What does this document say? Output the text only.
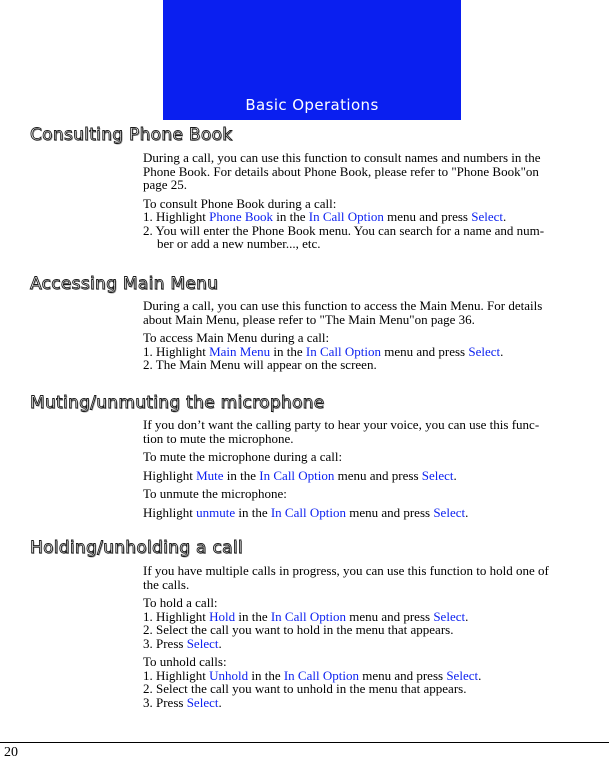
Basic Operations
Consulting Phone Book
During a call, you can use this function to consult names and numbers in the
Phone Book. For details about Phone Book, please refer to "Phone Book"on
page 25.
To consult Phone Book during a call:
1. Highlight Phone Book in the In Call Option menu and press Select.
2. You will enter the Phone Book menu. You can search for a name and num-
ber or add a new number..., etc.
Accessing Main Menu
During a call, you can use this function to access the Main Menu. For details
about Main Menu, please refer to "The Main Menu"on page 36.
To access Main Menu during a call:
1. Highlight Main Menu in the In Call Option menu and press Select.
2. The Main Menu will appear on the screen.
Muting/unmuting the microphone
If you don’t want the calling party to hear your voice, you can use this func-
tion to mute the microphone.
To mute the microphone during a call:
Highlight Mute in the In Call Option menu and press Select.
To unmute the microphone:
Highlight unmute in the In Call Option menu and press Select.
Holding/unholding a call
If you have multiple calls in progress, you can use this function to hold one of
the calls.
To hold a call:
1. Highlight Hold in the In Call Option menu and press Select.
2. Select the call you want to hold in the menu that appears.
3. Press Select.
To unhold calls:
1. Highlight Unhold in the In Call Option menu and press Select.
2. Select the call you want to unhold in the menu that appears.
3. Press Select.
20
